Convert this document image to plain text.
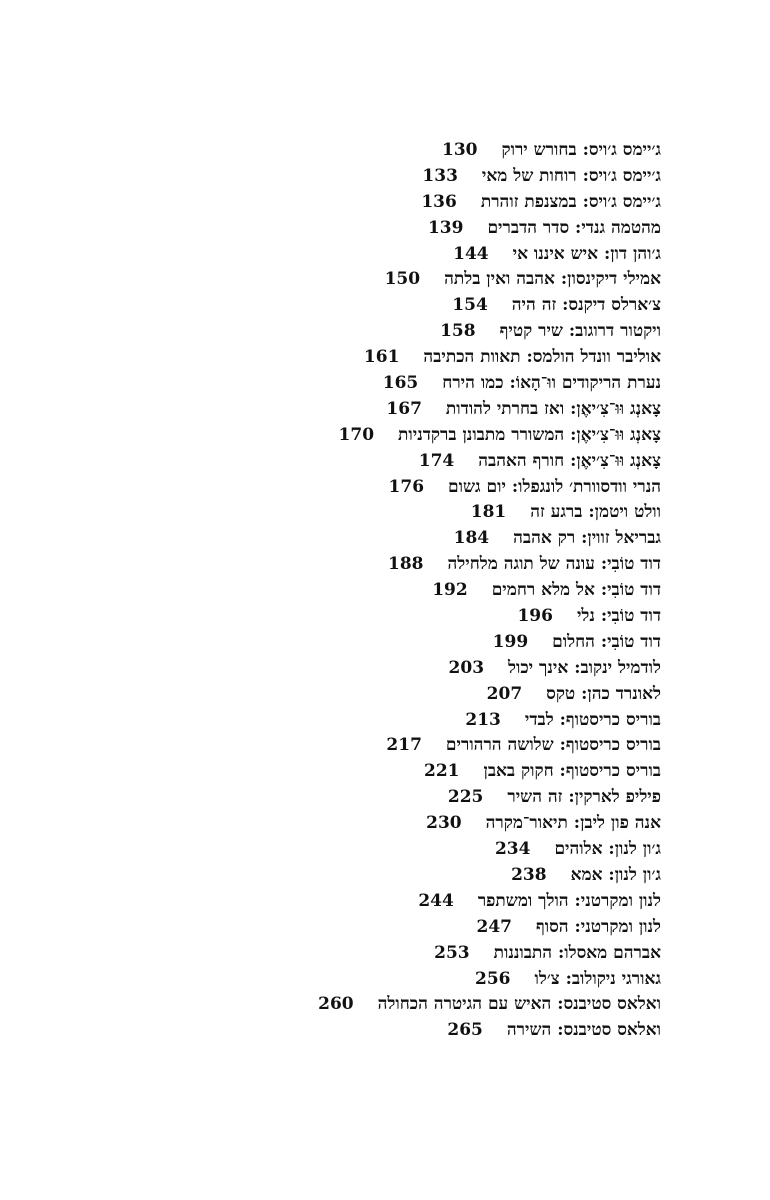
ג׳יימס ג׳ויס: בחורש ירוק130
ג׳יימס ג׳ויס: רוחות של מאי133
ג׳יימס ג׳ויס: במצנפת זוהרת136
מהטמה גנדי: סדר הדברים139
ג׳והן דון: איש איננו אי144
אמילי דיקינסון: אהבה ואין בלתה150
צ׳ארלס דיקנס: זה היה154
ויקטור דרוגוב: שיר קטיף158
אוליבר וונדל הולמס: תאוות הכתיבה161
נערת הריקודים ווּ־הָאוֹ: כמו הירח165
צָאנְג וּוּ־צִ׳יאֶן: ואז בחרתי להודות167
צָאנְג וּוּ־צִ׳יאֶן: המשורר מתבונן ברקדניות170
צָאנְג וּוּ־צִ׳יאֶן: חורף האהבה174
הנרי וודסוורת׳ לונגפלו: יום גשום176
וולט ויטמן: ברגע זה181
גבריאל זווין: רק אהבה184
דוד טוֹבִי: עונה של תוגה מלחילה188
דוד טוֹבִי: אל מלא רחמים192
דוד טוֹבִי: נלי196
דוד טוֹבִי: החלום199
לודמיל ינקוב: אינך יכול203
לאונרד כהן: טקס207
בוריס כריסטוף: לבדי213
בוריס כריסטוף: שלושה הרהורים217
בוריס כריסטוף: חקוק באבן221
פיליפ לארקין: זה השיר225
אנה פון ליבן: תיאור־מקרה230
ג׳ון לנון: אלוהים234
ג׳ון לנון: אמא238
לנון ומקרטני: הולך ומשתפר244
לנון ומקרטני: הסוף247
אברהם מאסלו: התבוננות253
גאורגי ניקולוב: צ׳לו256
ואלאס סטיבנס: האיש עם הגיטרה הכחולה260
ואלאס סטיבנס: השירה265
